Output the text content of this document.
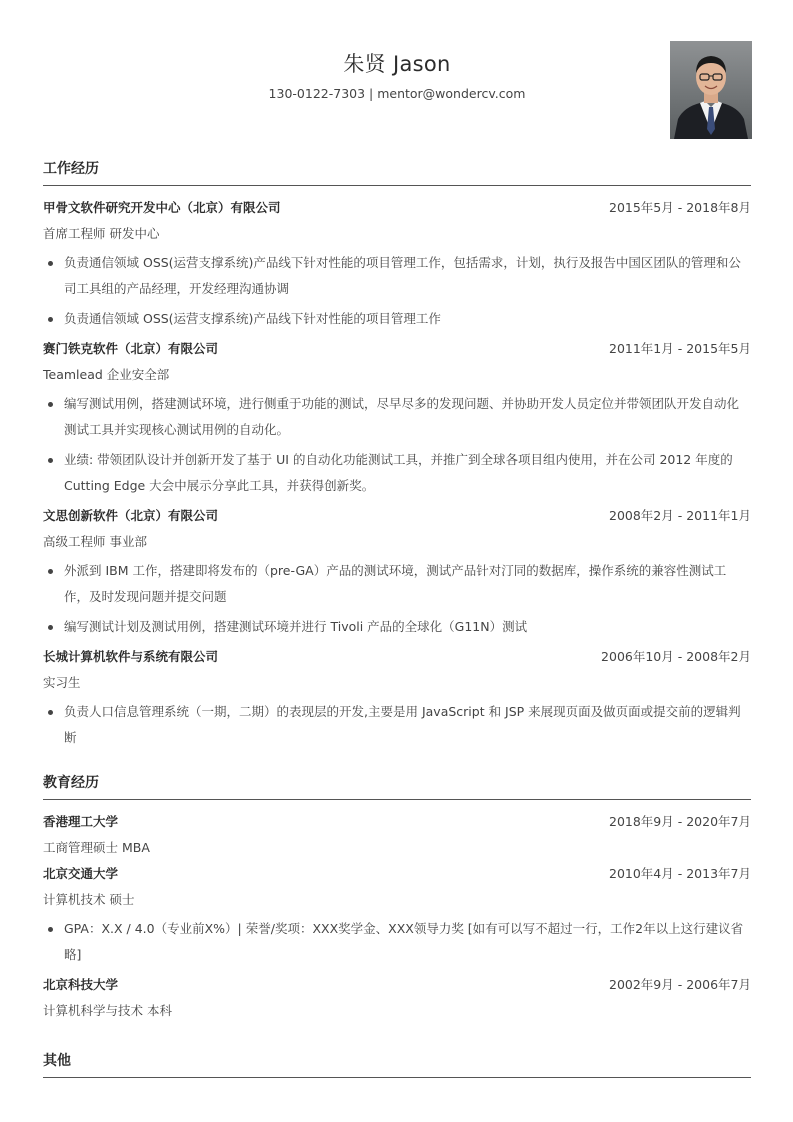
朱贤 Jason
130-0122-7303 | mentor@wondercv.com
工作经历
甲骨文软件研究开发中心（北京）有限公司	2015年5月 - 2018年8月
首席工程师 研发中心
负责通信领域 OSS(运营支撑系统)产品线下针对性能的项目管理工作，包括需求，计划，执行及报告中国区团队的管理和公司工具组的产品经理，开发经理沟通协调
负责通信领域 OSS(运营支撑系统)产品线下针对性能的项目管理工作
赛门铁克软件（北京）有限公司	2011年1月 - 2015年5月
Teamlead 企业安全部
编写测试用例，搭建测试环境，进行侧重于功能的测试，尽早尽多的发现问题、并协助开发人员定位并带领团队开发自动化测试工具并实现核心测试用例的自动化。
业绩: 带领团队设计并创新开发了基于 UI 的自动化功能测试工具，并推广到全球各项目组内使用，并在公司 2012 年度的 Cutting Edge 大会中展示分享此工具，并获得创新奖。
文思创新软件（北京）有限公司	2008年2月 - 2011年1月
高级工程师 事业部
外派到 IBM 工作，搭建即将发布的（pre-GA）产品的测试环境，测试产品针对汀同的数据库，操作系统的兼容性测试工作，及时发现问题并提交问题
编写测试计划及测试用例，搭建测试环境并进行 Tivoli 产品的全球化（G11N）测试
长城计算机软件与系统有限公司	2006年10月 - 2008年2月
实习生
负责人口信息管理系统（一期，二期）的表现层的开发,主要是用 JavaScript 和 JSP 来展现页面及做页面或提交前的逻辑判断
教育经历
香港理工大学	2018年9月 - 2020年7月
工商管理硕士 MBA
北京交通大学	2010年4月 - 2013年7月
计算机技术 硕士
GPA：X.X / 4.0（专业前X%）| 荣誉/奖项：XXX奖学金、XXX领导力奖 [如有可以写不超过一行，工作2年以上这行建议省略]
北京科技大学	2002年9月 - 2006年7月
计算机科学与技术 本科
其他
